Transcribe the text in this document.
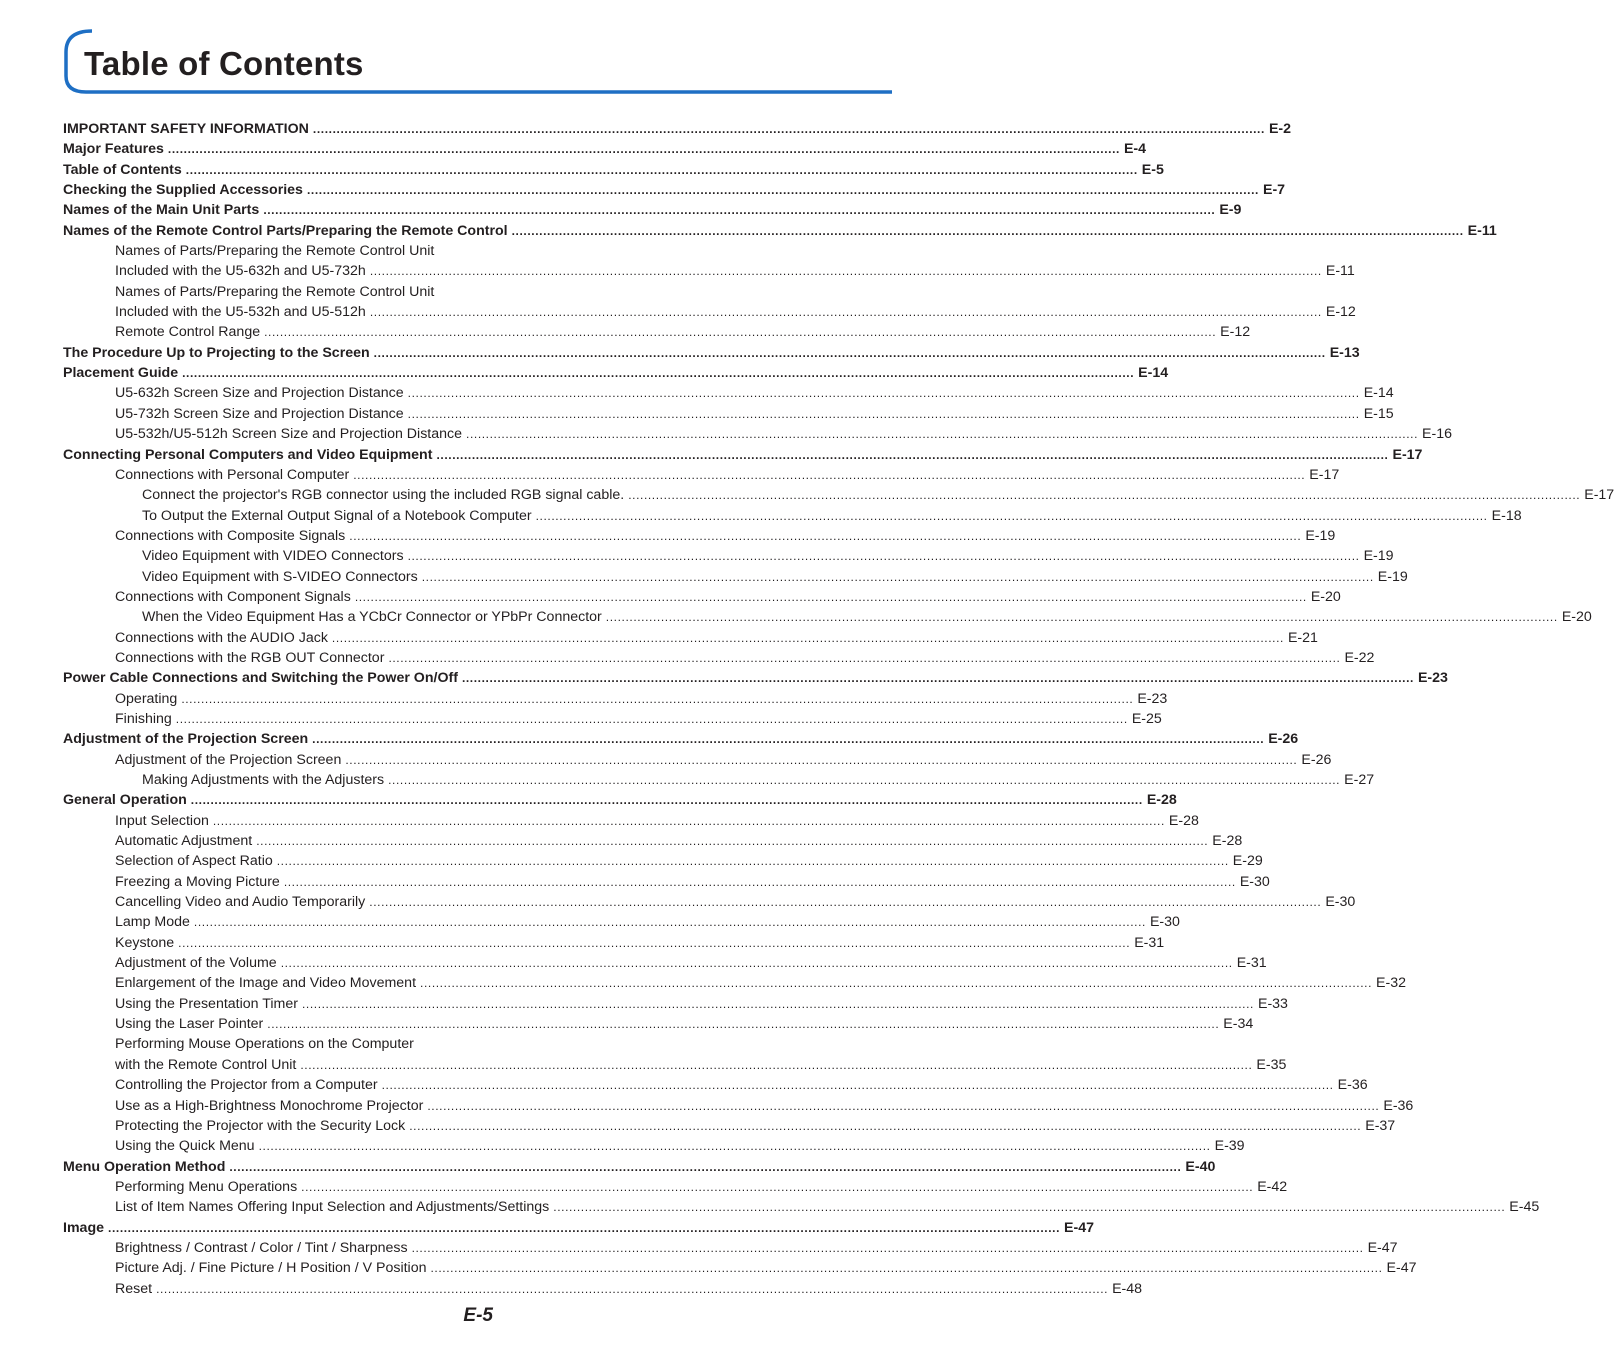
Table of Contents
IMPORTANT SAFETY INFORMATION .....	E-2
Major Features .....	E-4
Table of Contents .....	E-5
Checking the Supplied Accessories .....	E-7
Names of the Main Unit Parts .....	E-9
Names of the Remote Control Parts/Preparing the Remote Control .....	E-11
Names of Parts/Preparing the Remote Control Unit
Included with the U5-632h and U5-732h .....	E-11
Names of Parts/Preparing the Remote Control Unit
Included with the U5-532h and U5-512h .....	E-12
Remote Control Range .....	E-12
The Procedure Up to Projecting to the Screen .....	E-13
Placement Guide .....	E-14
U5-632h Screen Size and Projection Distance .....	E-14
U5-732h Screen Size and Projection Distance .....	E-15
U5-532h/U5-512h Screen Size and Projection Distance .....	E-16
Connecting Personal Computers and Video Equipment .....	E-17
Connections with Personal Computer .....	E-17
Connect the projector's RGB connector using the included RGB signal cable. .....	E-17
To Output the External Output Signal of a Notebook Computer .....	E-18
Connections with Composite Signals .....	E-19
Video Equipment with VIDEO Connectors .....	E-19
Video Equipment with S-VIDEO Connectors .....	E-19
Connections with Component Signals .....	E-20
When the Video Equipment Has a YCbCr Connector or YPbPr Connector .....	E-20
Connections with the AUDIO Jack .....	E-21
Connections with the RGB OUT Connector .....	E-22
Power Cable Connections and Switching the Power On/Off .....	E-23
Operating .....	E-23
Finishing .....	E-25
Adjustment of the Projection Screen .....	E-26
Adjustment of the Projection Screen .....	E-26
Making Adjustments with the Adjusters .....	E-27
General Operation .....	E-28
Input Selection .....	E-28
Automatic Adjustment .....	E-28
Selection of Aspect Ratio .....	E-29
Freezing a Moving Picture .....	E-30
Cancelling Video and Audio Temporarily .....	E-30
Lamp Mode .....	E-30
Keystone .....	E-31
Adjustment of the Volume .....	E-31
Enlargement of the Image and Video Movement .....	E-32
Using the Presentation Timer .....	E-33
Using the Laser Pointer .....	E-34
Performing Mouse Operations on the Computer
with the Remote Control Unit .....	E-35
Controlling the Projector from a Computer .....	E-36
Use as a High-Brightness Monochrome Projector .....	E-36
Protecting the Projector with the Security Lock .....	E-37
Using the Quick Menu .....	E-39
Menu Operation Method .....	E-40
Performing Menu Operations .....	E-42
List of Item Names Offering Input Selection and Adjustments/Settings .....	E-45
Image .....	E-47
Brightness / Contrast / Color / Tint / Sharpness .....	E-47
Picture Adj. / Fine Picture / H Position / V Position .....	E-47
Reset .....	E-48
E-5
